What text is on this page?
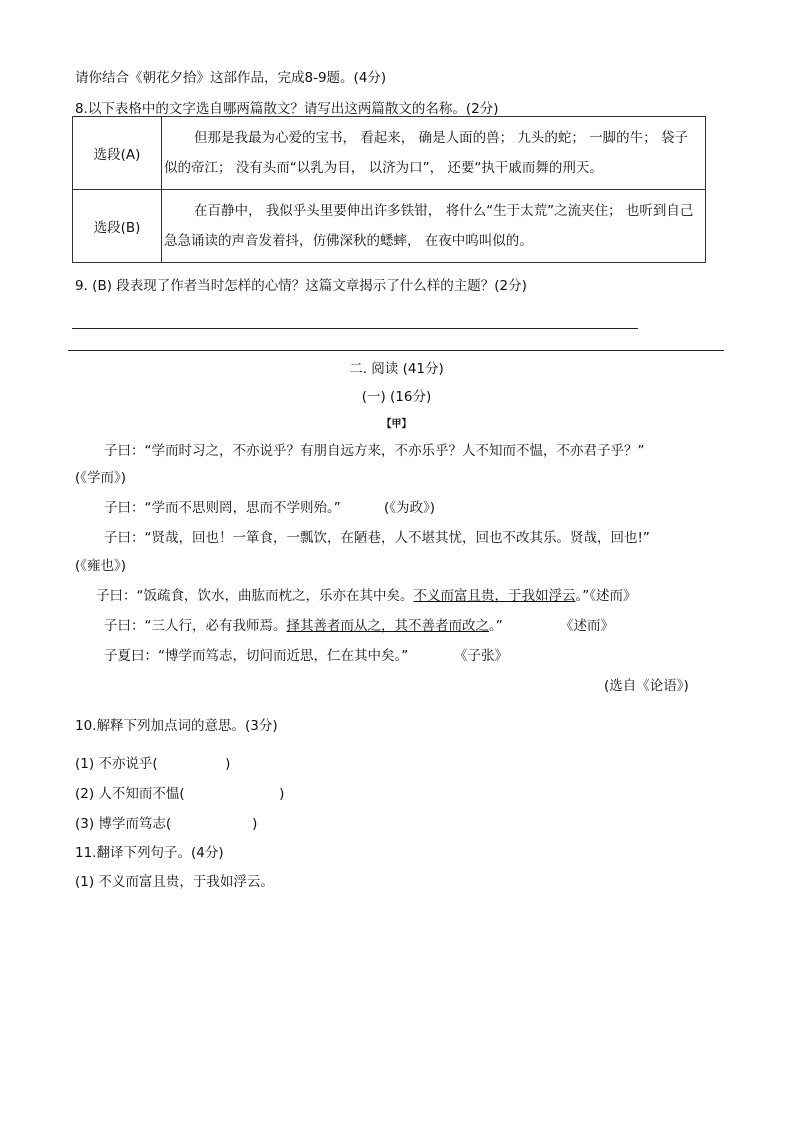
请你结合《朝花夕拾》这部作品，完成8-9题。(4分)
8.以下表格中的文字选自哪两篇散文？请写出这两篇散文的名称。(2分)
选段(A)	但那是我最为心爱的宝书， 看起来， 确是人面的兽； 九头的蛇； 一脚的牛； 袋子似的帝江； 没有头而“以乳为目， 以济为口”， 还要“执干戚而舞的刑天。
选段(B)	在百静中， 我似乎头里要伸出许多铁钳， 将什么“生于太荒”之流夹住； 也听到自己急急诵读的声音发着抖，仿佛深秋的蟋蟀， 在夜中呜叫似的。
9. (B) 段表现了作者当时怎样的心情？这篇文章揭示了什么样的主题？(2分)
二. 阅读 (41分)
(一) (16分)
【甲】
子曰：“学而时习之，不亦说乎？有朋自远方来，不亦乐乎？人不知而不愠，不亦君子乎？”
(《学而》)
子曰：“学而不思则罔，思而不学则殆。”	(《为政》)
子曰：“贤哉，回也！一箪食，一瓢饮，在陋巷，人不堪其忧，回也不改其乐。贤哉，回也!”
(《雍也》)
子曰：“饭疏食，饮水，曲肱而枕之，乐亦在其中矣。不义而富且贵，于我如浮云。”《述而》
子曰：“三人行，必有我师焉。择其善者而从之，其不善者而改之。”	《述而》
子夏曰：“博学而笃志，切问而近思，仁在其中矣。”	《子张》
(选自《论语》)
10.解释下列加点词的意思。(3分)
(1) 不亦说乎(　　　　　)
(2) 人不知而不愠(　　　　　　　)
(3) 博学而笃志(　　　　　　)
11.翻译下列句子。(4分)
(1) 不义而富且贵，于我如浮云。
